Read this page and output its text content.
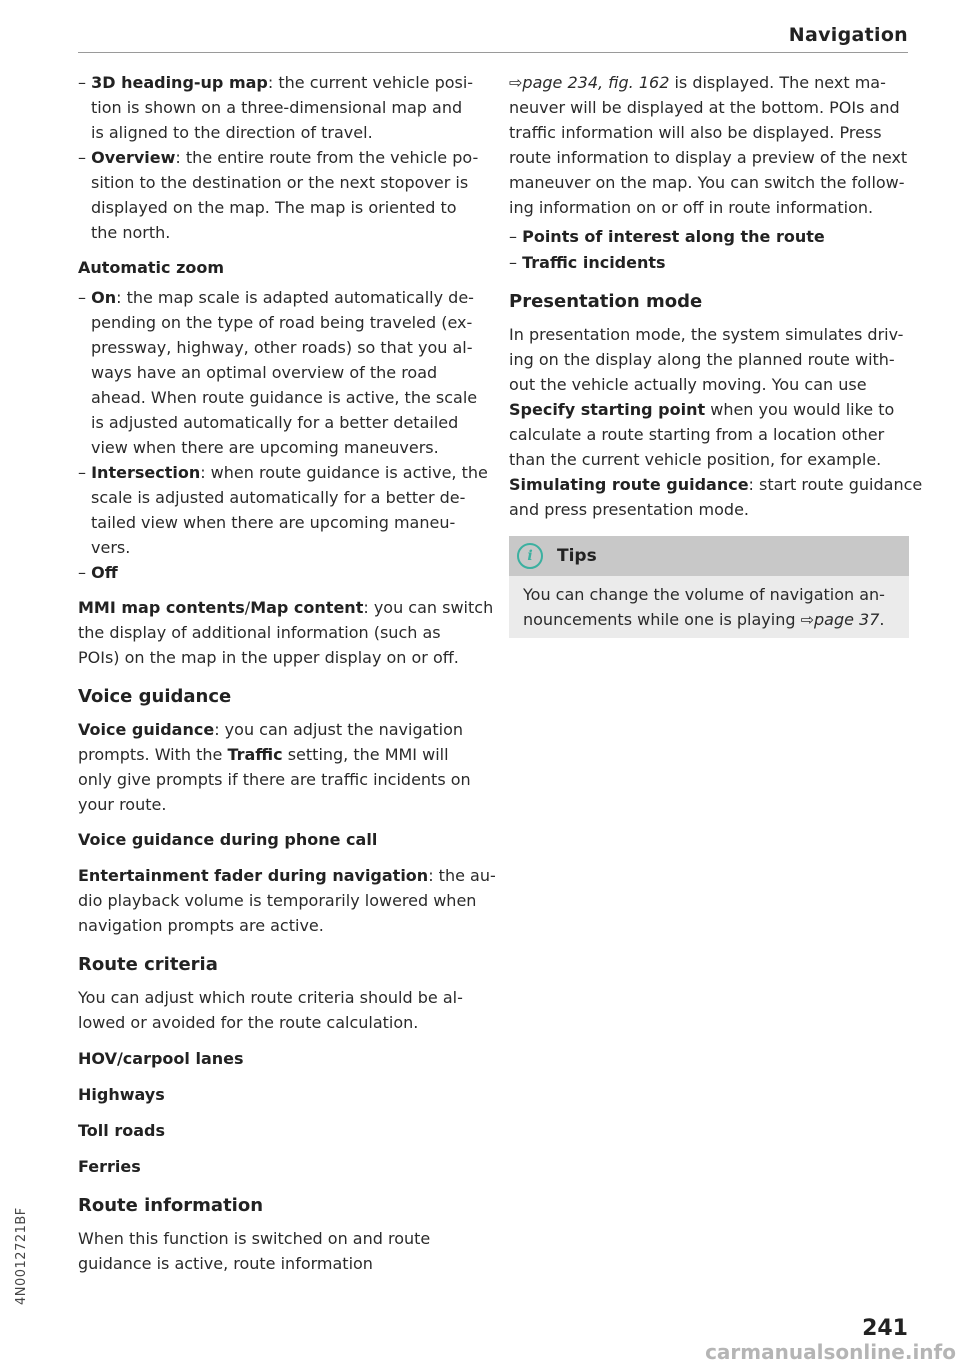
Navigation
– 3D heading-up map: the current vehicle posi-
tion is shown on a three-dimensional map and
is aligned to the direction of travel.
– Overview: the entire route from the vehicle po-
sition to the destination or the next stopover is
displayed on the map. The map is oriented to
the north.
Automatic zoom
– On: the map scale is adapted automatically de-
pending on the type of road being traveled (ex-
pressway, highway, other roads) so that you al-
ways have an optimal overview of the road
ahead. When route guidance is active, the scale
is adjusted automatically for a better detailed
view when there are upcoming maneuvers.
– Intersection: when route guidance is active, the
scale is adjusted automatically for a better de-
tailed view when there are upcoming maneu-
vers.
– Off
MMI map contents/Map content: you can switch
the display of additional information (such as
POIs) on the map in the upper display on or off.
Voice guidance
Voice guidance: you can adjust the navigation
prompts. With the Traffic setting, the MMI will
only give prompts if there are traffic incidents on
your route.
Voice guidance during phone call
Entertainment fader during navigation: the au-
dio playback volume is temporarily lowered when
navigation prompts are active.
Route criteria
You can adjust which route criteria should be al-
lowed or avoided for the route calculation.
HOV/carpool lanes
Highways
Toll roads
Ferries
Route information
When this function is switched on and route
guidance is active, route information
⇨page 234, fig. 162 is displayed. The next ma-
neuver will be displayed at the bottom. POIs and
traffic information will also be displayed. Press
route information to display a preview of the next
maneuver on the map. You can switch the follow-
ing information on or off in route information.
– Points of interest along the route
– Traffic incidents
Presentation mode
In presentation mode, the system simulates driv-
ing on the display along the planned route with-
out the vehicle actually moving. You can use
Specify starting point when you would like to
calculate a route starting from a location other
than the current vehicle position, for example.
Simulating route guidance: start route guidance
and press presentation mode.
i	Tips
You can change the volume of navigation an-
nouncements while one is playing ⇨page 37.
4N0012721BF
241
carmanualsonline.info
